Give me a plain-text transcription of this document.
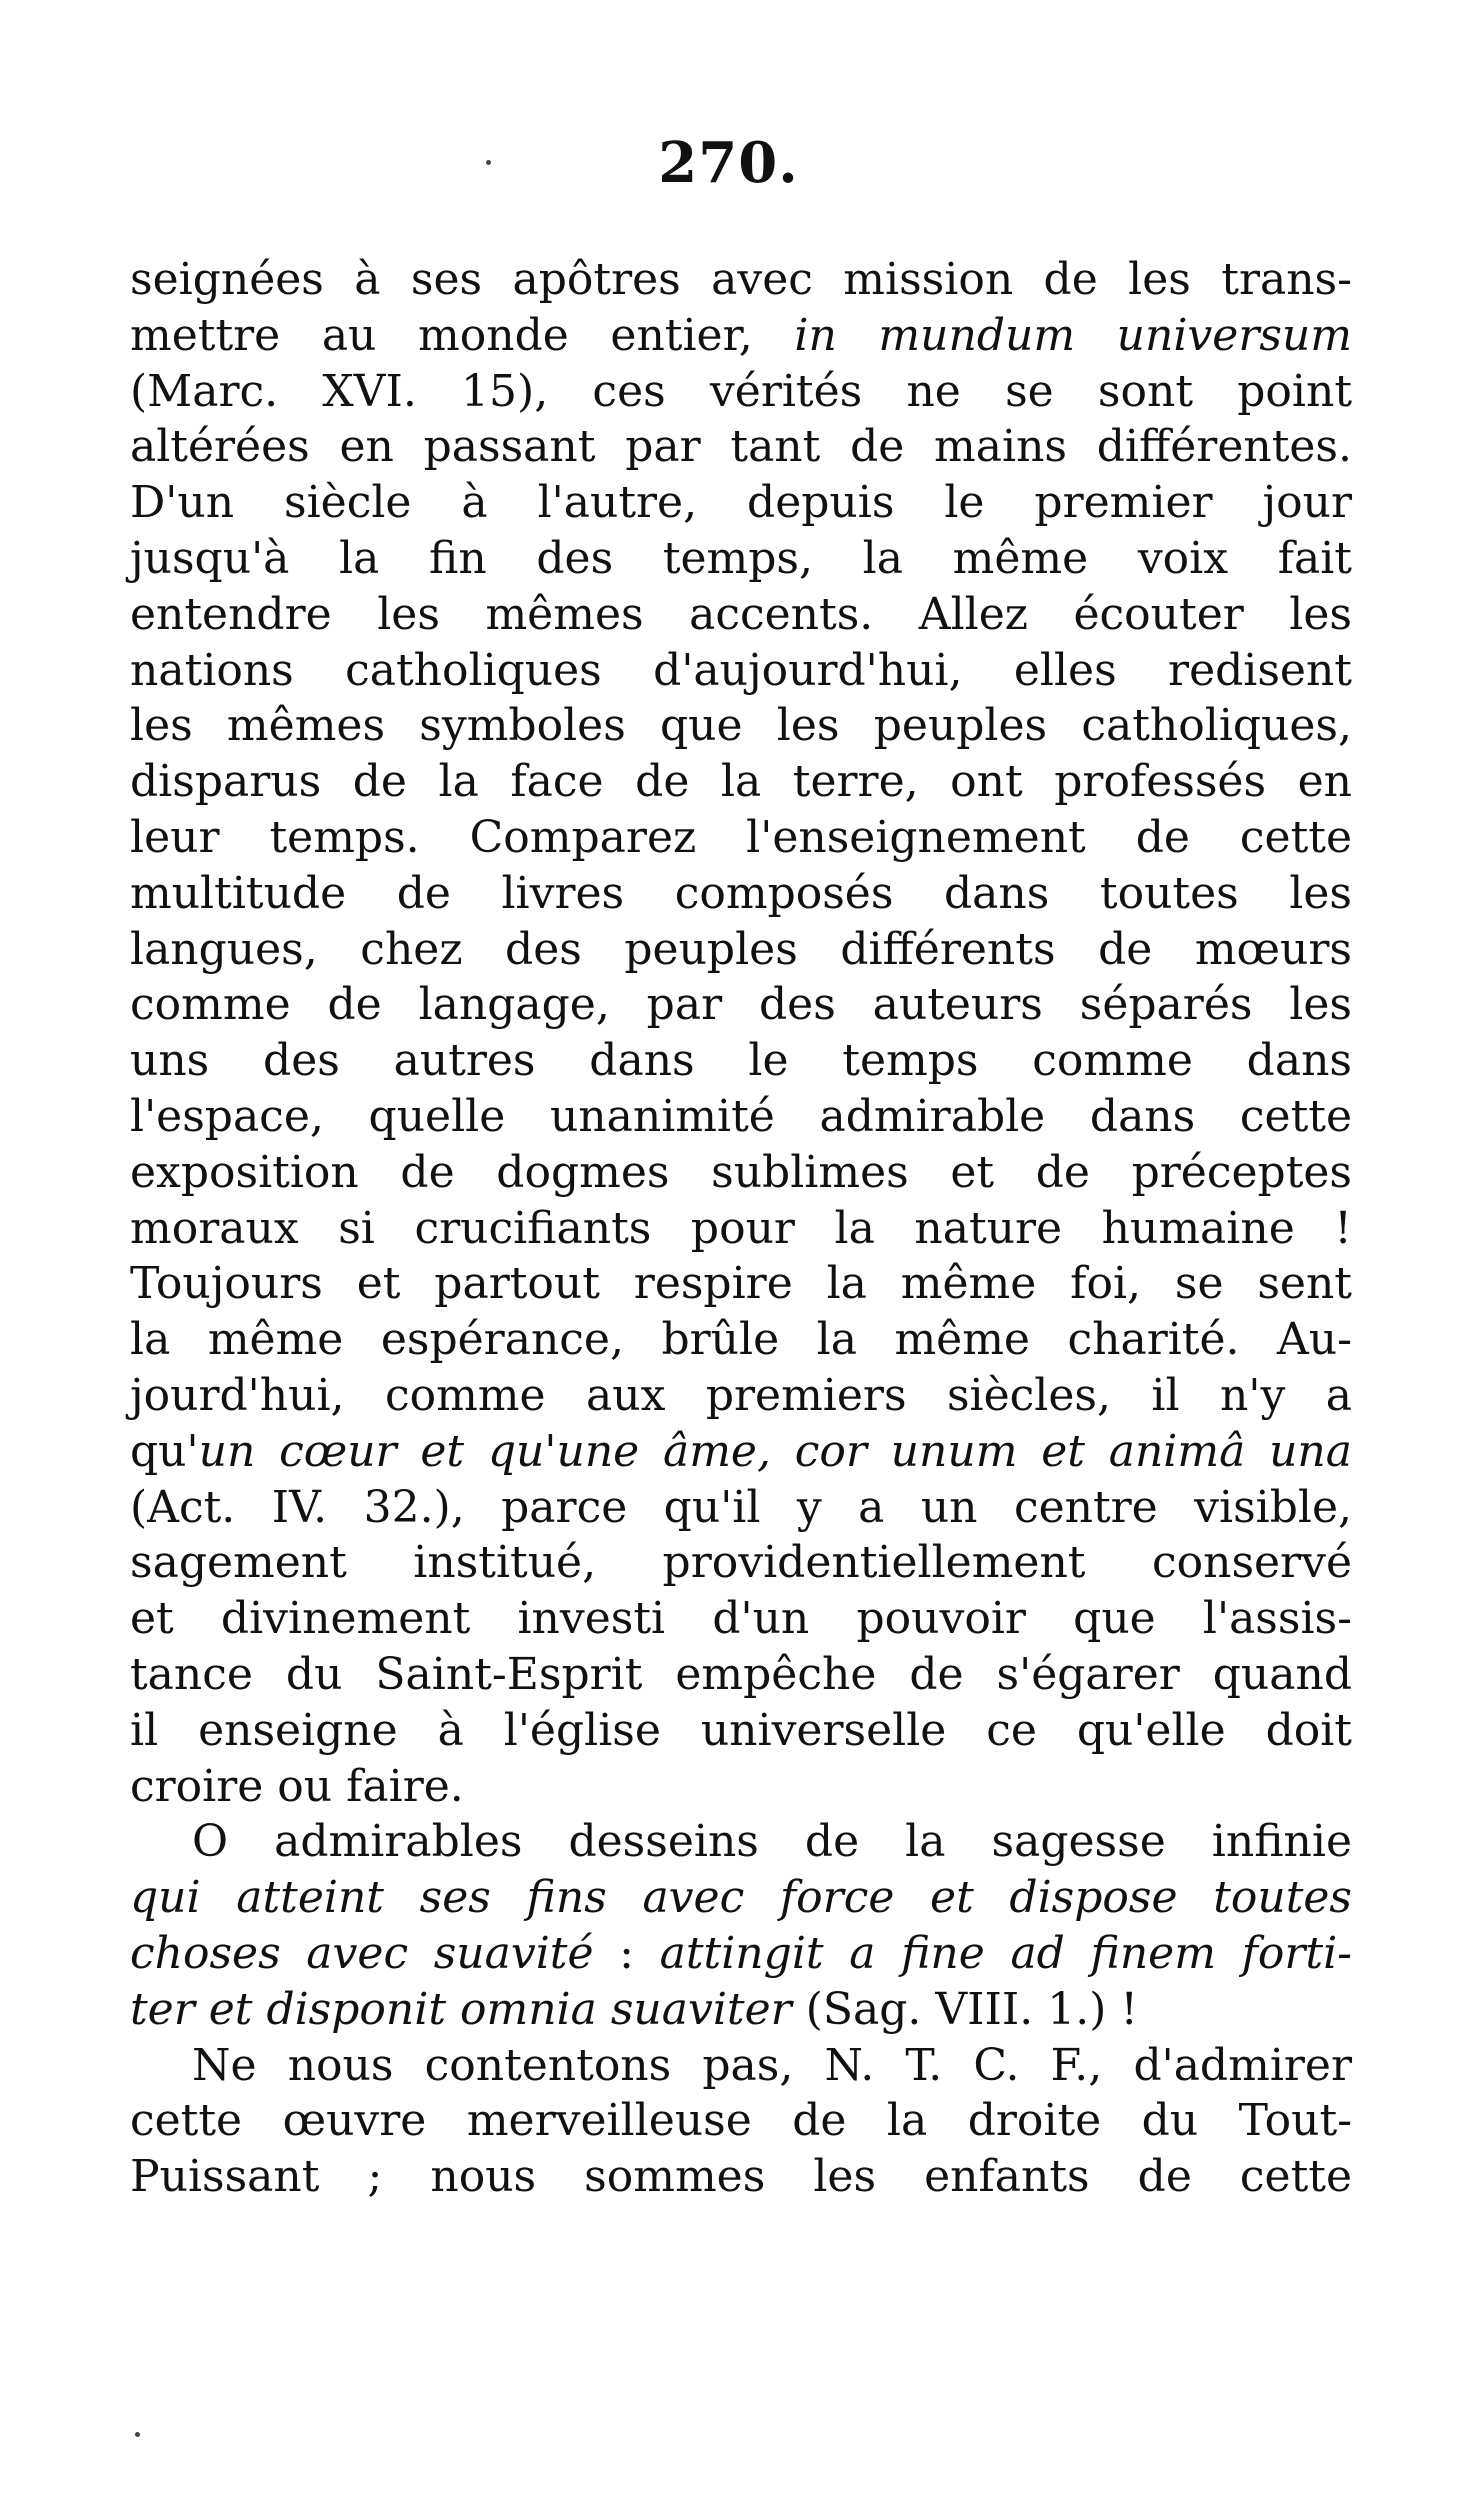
270.
seignées à ses apôtres avec mission de les trans-
mettre au monde entier, in mundum universum
(Marc. XVI. 15), ces vérités ne se sont point
altérées en passant par tant de mains différentes.
D'un siècle à l'autre, depuis le premier jour
jusqu'à la fin des temps, la même voix fait
entendre les mêmes accents. Allez écouter les
nations catholiques d'aujourd'hui, elles redisent
les mêmes symboles que les peuples catholiques,
disparus de la face de la terre, ont professés en
leur temps. Comparez l'enseignement de cette
multitude de livres composés dans toutes les
langues, chez des peuples différents de mœurs
comme de langage, par des auteurs séparés les
uns des autres dans le temps comme dans
l'espace, quelle unanimité admirable dans cette
exposition de dogmes sublimes et de préceptes
moraux si crucifiants pour la nature humaine !
Toujours et partout respire la même foi, se sent
la même espérance, brûle la même charité. Au-
jourd'hui, comme aux premiers siècles, il n'y a
qu'un cœur et qu'une âme, cor unum et animâ una
(Act. IV. 32.), parce qu'il y a un centre visible,
sagement institué, providentiellement conservé
et divinement investi d'un pouvoir que l'assis-
tance du Saint-Esprit empêche de s'égarer quand
il enseigne à l'église universelle ce qu'elle doit
croire ou faire.
O admirables desseins de la sagesse infinie
qui atteint ses fins avec force et dispose toutes
choses avec suavité : attingit a fine ad finem forti-
ter et disponit omnia suaviter (Sag. VIII. 1.) !
Ne nous contentons pas, N. T. C. F., d'admirer
cette œuvre merveilleuse de la droite du Tout-
Puissant ; nous sommes les enfants de cette
